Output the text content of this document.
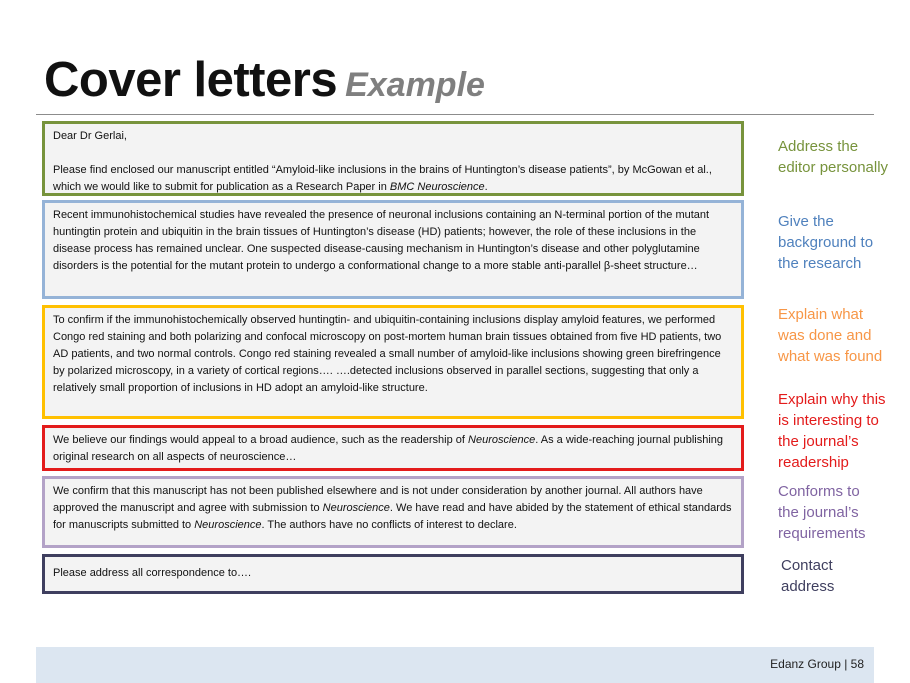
Cover letters Example

Dear Dr Gerlai,

Please find enclosed our manuscript entitled “Amyloid-like inclusions in the brains of Huntington’s disease patients”, by McGowan et al., which we would like to submit for publication as a Research Paper in BMC Neuroscience.

Address the
editor personally

Recent immunohistochemical studies have revealed the presence of neuronal inclusions containing an N-terminal portion of the mutant huntingtin protein and ubiquitin in the brain tissues of Huntington’s disease (HD) patients; however, the role of these inclusions in the disease process has remained unclear. One suspected disease-causing mechanism in Huntington’s disease and other polyglutamine disorders is the potential for the mutant protein to undergo a conformational change to a more stable anti-parallel β-sheet structure…

Give the
background to
the research

To confirm if the immunohistochemically observed huntingtin- and ubiquitin-containing inclusions display amyloid features, we performed Congo red staining and both polarizing and confocal microscopy on post-mortem human brain tissues obtained from five HD patients, two AD patients, and two normal controls. Congo red staining revealed a small number of amyloid-like inclusions showing green birefringence by polarized microscopy, in a variety of cortical regions…. ….detected inclusions observed in parallel sections, suggesting that only a relatively small proportion of inclusions in HD adopt an amyloid-like structure.

Explain what
was done and
what was found

We believe our findings would appeal to a broad audience, such as the readership of Neuroscience. As a wide-reaching journal publishing original research on all aspects of neuroscience…

Explain why this
is interesting to
the journal’s
readership

We confirm that this manuscript has not been published elsewhere and is not under consideration by another journal. All authors have approved the manuscript and agree with submission to Neuroscience. We have read and have abided by the statement of ethical standards for manuscripts submitted to Neuroscience. The authors have no conflicts of interest to declare.

Conforms to
the journal’s
requirements

Please address all correspondence to….	Contact
address
Edanz Group | 58
